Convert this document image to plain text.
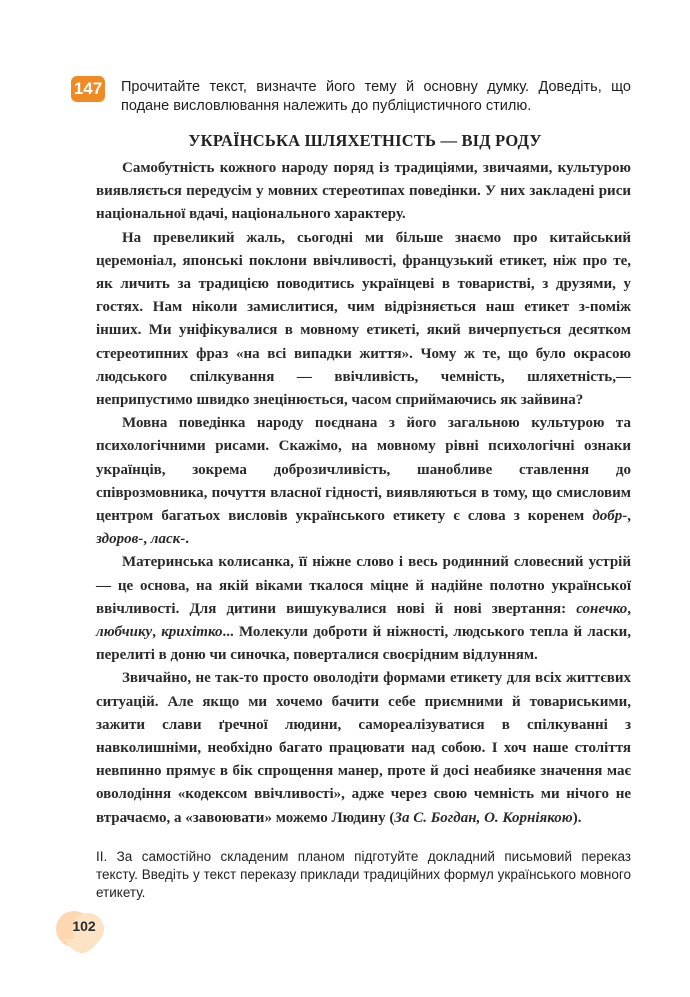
147 Прочитайте текст, визначте його тему й основну думку. Доведіть, що подане висловлювання належить до публіцистичного стилю.

УКРАЇНСЬКА ШЛЯХЕТНІСТЬ — ВІД РОДУ

Самобутність кожного народу поряд із традиціями, звичаями, культурою виявляється передусім у мовних стереотипах поведінки. У них закладені риси національної вдачі, національного характеру.

На превеликий жаль, сьогодні ми більше знаємо про китайський церемоніал, японські поклони ввічливості, французький етикет, ніж про те, як личить за традицією поводитись українцеві в товаристві, з друзями, у гостях. Нам ніколи замислитися, чим відрізняється наш етикет з-поміж інших. Ми уніфікувалися в мовному етикеті, який вичерпується десятком стереотипних фраз «на всі випадки життя». Чому ж те, що було окрасою людського спілкування — ввічливість, чемність, шляхетність,— неприпустимо швидко знецінюється, часом сприймаючись як зайвина?

Мовна поведінка народу поєднана з його загальною культурою та психологічними рисами. Скажімо, на мовному рівні психологічні ознаки українців, зокрема доброзичливість, шанобливе ставлення до співрозмовника, почуття власної гідності, виявляються в тому, що смисловим центром багатьох висловів українського етикету є слова з коренем добр-, здоров-, ласк-.

Материнська колисанка, її ніжне слово і весь родинний словесний устрій — це основа, на якій віками ткалося міцне й надійне полотно української ввічливості. Для дитини вишукувалися нові й нові звертання: сонечко, любчику, крихітко... Молекули доброти й ніжності, людського тепла й ласки, перелиті в доню чи синочка, поверталися своєрідним відлунням.

Звичайно, не так-то просто оволодіти формами етикету для всіх життєвих ситуацій. Але якщо ми хочемо бачити себе приємними й товариськими, зажити слави ґречної людини, самореалізуватися в спілкуванні з навколишніми, необхідно багато працювати над собою. І хоч наше століття невпинно прямує в бік спрощення манер, проте й досі неабияке значення має оволодіння «кодексом ввічливості», адже через свою чемність ми нічого не втрачаємо, а «завоювати» можемо Людину (За С. Богдан, О. Корніякою).

ІІ. За самостійно складеним планом підготуйте докладний письмовий переказ тексту. Введіть у текст переказу приклади традиційних формул українського мовного етикету.

102
